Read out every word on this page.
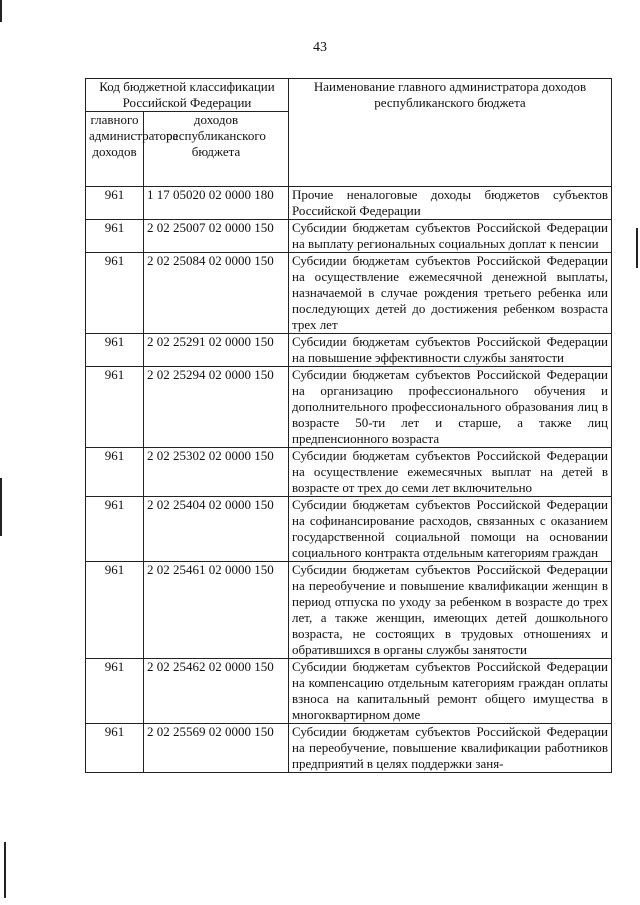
43
Код бюджетной классификации Российской Федерации		Наименование главного администратора доходов республиканского бюджета
главного администратора доходов	доходов республиканского бюджета	
961	1 17 05020 02 0000 180	Прочие неналоговые доходы бюджетов субъектов Российской Федерации
961	2 02 25007 02 0000 150	Субсидии бюджетам субъектов Российской Федерации на выплату региональных социальных доплат к пенсии
961	2 02 25084 02 0000 150	Субсидии бюджетам субъектов Российской Федерации на осуществление ежемесячной денежной выплаты, назначаемой в случае рождения третьего ребенка или последующих детей до достижения ребенком возраста трех лет
961	2 02 25291 02 0000 150	Субсидии бюджетам субъектов Российской Федерации на повышение эффективности службы занятости
961	2 02 25294 02 0000 150	Субсидии бюджетам субъектов Российской Федерации на организацию профессионального обучения и дополнительного профессионального образования лиц в возрасте 50-ти лет и старше, а также лиц предпенсионного возраста
961	2 02 25302 02 0000 150	Субсидии бюджетам субъектов Российской Федерации на осуществление ежемесячных выплат на детей в возрасте от трех до семи лет включительно
961	2 02 25404 02 0000 150	Субсидии бюджетам субъектов Российской Федерации на софинансирование расходов, связанных с оказанием государственной социальной помощи на основании социального контракта отдельным категориям граждан
961	2 02 25461 02 0000 150	Субсидии бюджетам субъектов Российской Федерации на переобучение и повышение квалификации женщин в период отпуска по уходу за ребенком в возрасте до трех лет, а также женщин, имеющих детей дошкольного возраста, не состоящих в трудовых отношениях и обратившихся в органы службы занятости
961	2 02 25462 02 0000 150	Субсидии бюджетам субъектов Российской Федерации на компенсацию отдельным категориям граждан оплаты взноса на капитальный ремонт общего имущества в многоквартирном доме
961	2 02 25569 02 0000 150	Субсидии бюджетам субъектов Российской Федерации на переобучение, повышение квалификации работников предприятий в целях поддержки заня-
